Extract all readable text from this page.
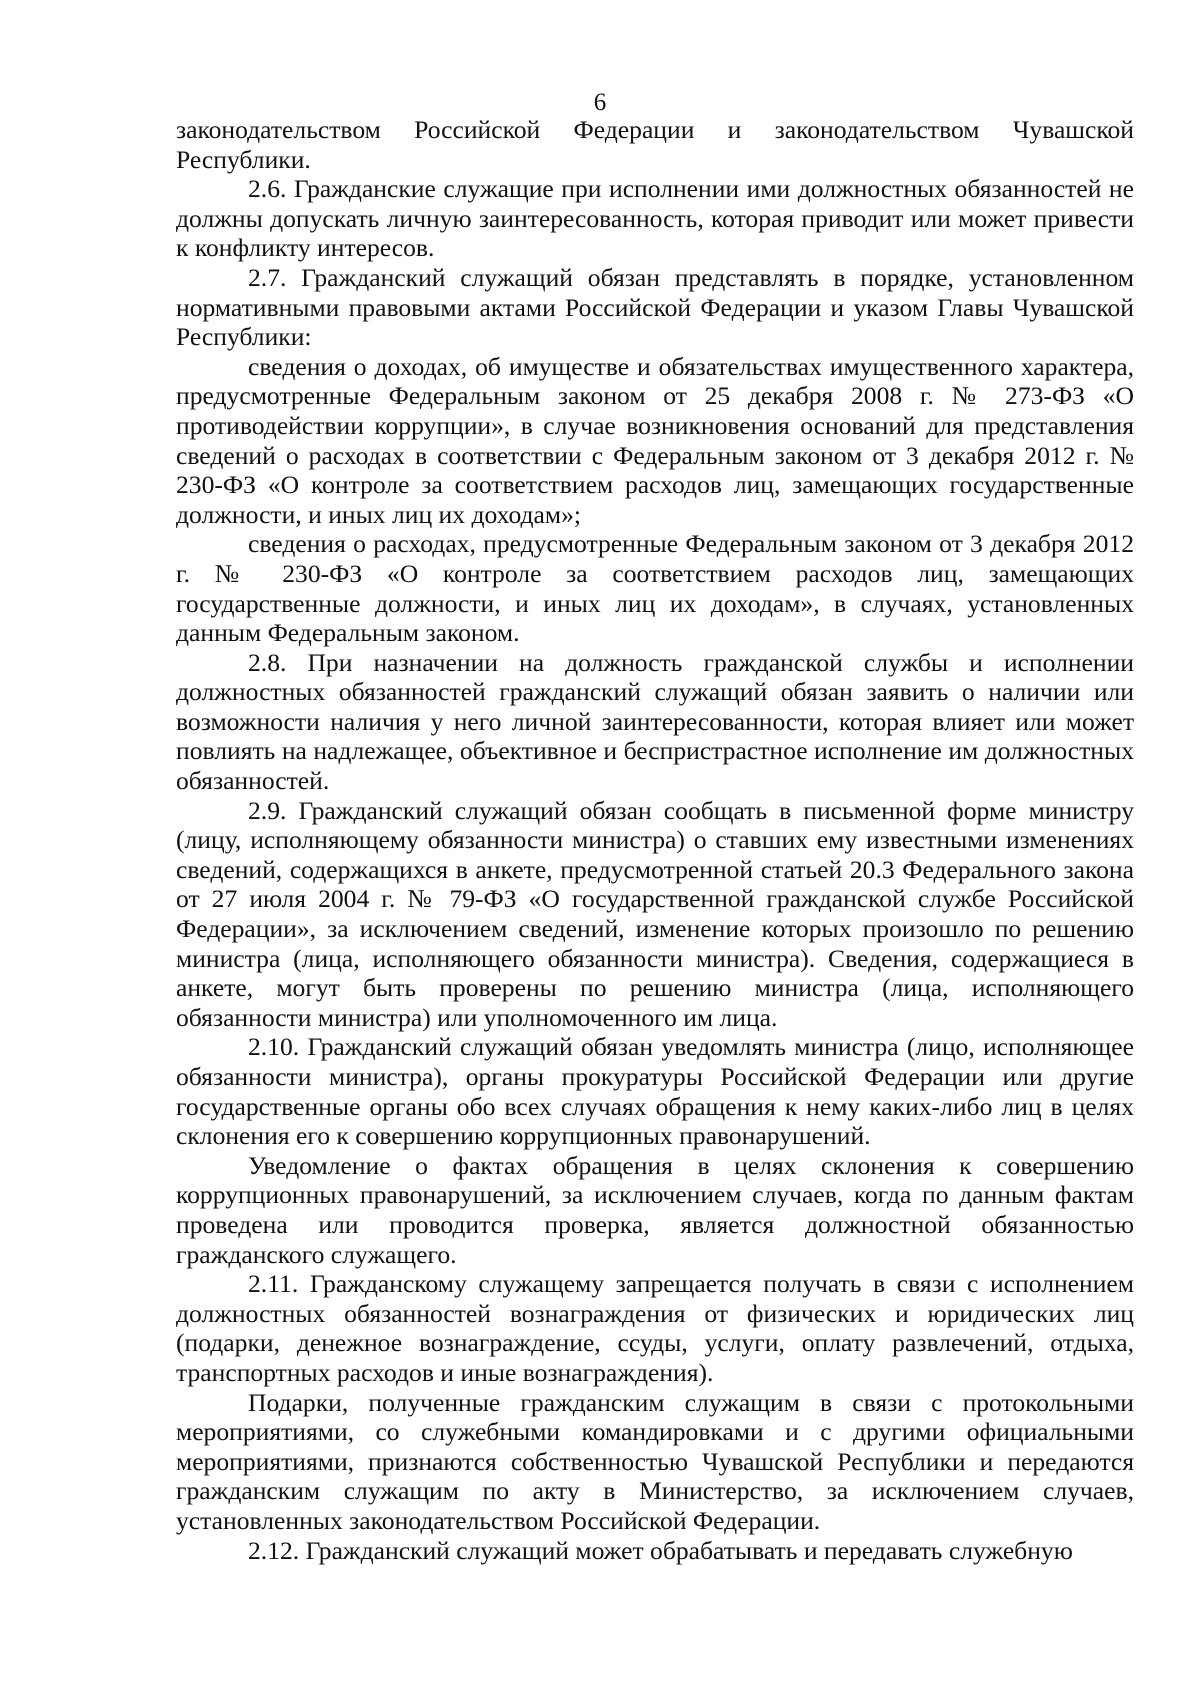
6

законодательством Российской Федерации и законодательством Чувашской Республики.

2.6. Гражданские служащие при исполнении ими должностных обязанностей не должны допускать личную заинтересованность, которая приводит или может привести к конфликту интересов.

2.7. Гражданский служащий обязан представлять в порядке, установленном нормативными правовыми актами Российской Федерации и указом Главы Чувашской Республики:

сведения о доходах, об имуществе и обязательствах имущественного характера, предусмотренные Федеральным законом от 25 декабря 2008 г. № 273-ФЗ «О противодействии коррупции», в случае возникновения оснований для представления сведений о расходах в соответствии с Федеральным законом от 3 декабря 2012 г. № 230-ФЗ «О контроле за соответствием расходов лиц, замещающих государственные должности, и иных лиц их доходам»;

сведения о расходах, предусмотренные Федеральным законом от 3 декабря 2012 г. № 230-ФЗ «О контроле за соответствием расходов лиц, замещающих государственные должности, и иных лиц их доходам», в случаях, установленных данным Федеральным законом.

2.8. При назначении на должность гражданской службы и исполнении должностных обязанностей гражданский служащий обязан заявить о наличии или возможности наличия у него личной заинтересованности, которая влияет или может повлиять на надлежащее, объективное и беспристрастное исполнение им должностных обязанностей.

2.9. Гражданский служащий обязан сообщать в письменной форме министру (лицу, исполняющему обязанности министра) о ставших ему известными изменениях сведений, содержащихся в анкете, предусмотренной статьей 20.3 Федерального закона от 27 июля 2004 г. № 79-ФЗ «О государственной гражданской службе Российской Федерации», за исключением сведений, изменение которых произошло по решению министра (лица, исполняющего обязанности министра). Сведения, содержащиеся в анкете, могут быть проверены по решению министра (лица, исполняющего обязанности министра) или уполномоченного им лица.

2.10. Гражданский служащий обязан уведомлять министра (лицо, исполняющее обязанности министра), органы прокуратуры Российской Федерации или другие государственные органы обо всех случаях обращения к нему каких-либо лиц в целях склонения его к совершению коррупционных правонарушений.

Уведомление о фактах обращения в целях склонения к совершению коррупционных правонарушений, за исключением случаев, когда по данным фактам проведена или проводится проверка, является должностной обязанностью гражданского служащего.

2.11. Гражданскому служащему запрещается получать в связи с исполнением должностных обязанностей вознаграждения от физических и юридических лиц (подарки, денежное вознаграждение, ссуды, услуги, оплату развлечений, отдыха, транспортных расходов и иные вознаграждения).

Подарки, полученные гражданским служащим в связи с протокольными мероприятиями, со служебными командировками и с другими официальными мероприятиями, признаются собственностью Чувашской Республики и передаются гражданским служащим по акту в Министерство, за исключением случаев, установленных законодательством Российской Федерации.

2.12. Гражданский служащий может обрабатывать и передавать служебную
